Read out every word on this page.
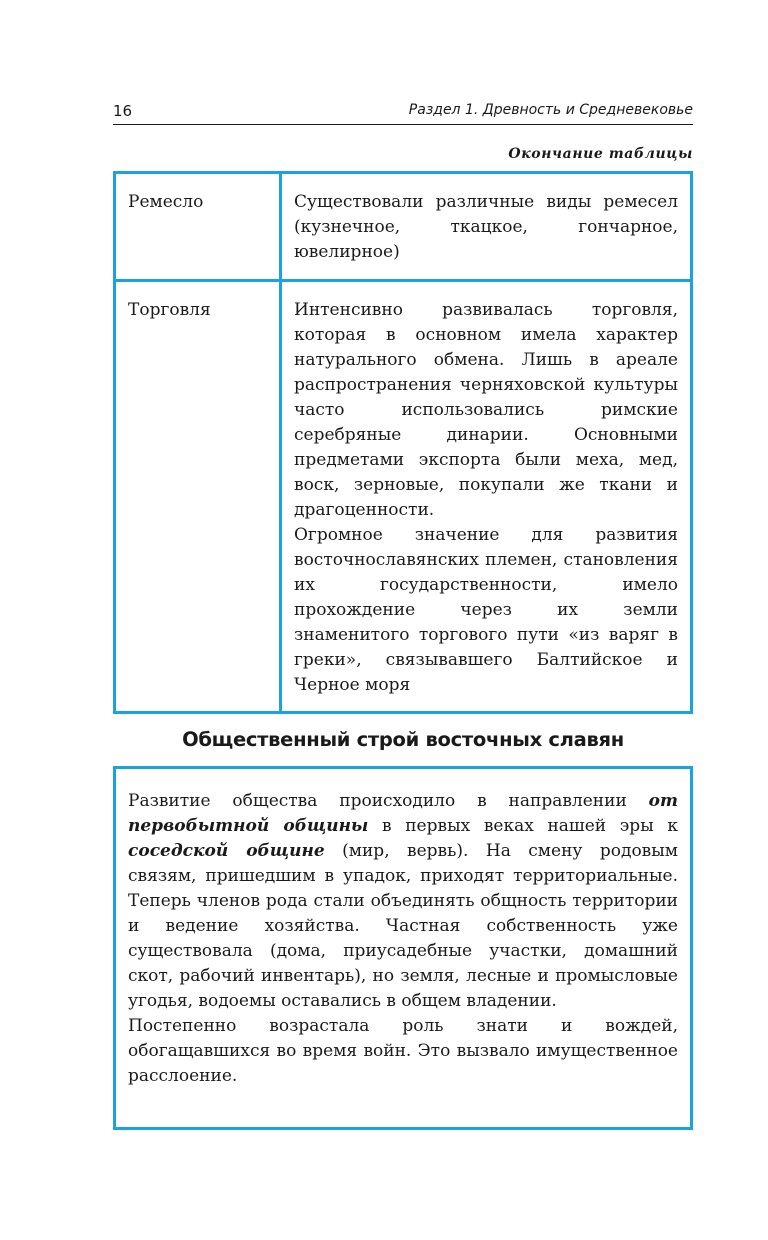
16	Раздел 1. Древность и Средневековье
Окончание таблицы
Ремесло	Существовали различные виды ремесел (кузнечное, ткацкое, гончарное, ювелирное)
Торговля	Интенсивно развивалась торговля, которая в основном имела характер натурального обмена. Лишь в ареале распространения черняховской культуры часто использовались римские серебряные динарии. Основными предметами экспорта были меха, мед, воск, зерновые, покупали же ткани и драгоценности.

Огромное значение для развития восточнославянских племен, становления их государственности, имело прохождение через их земли знаменитого торгового пути «из варяг в греки», связывавшего Балтийское и Черное моря

Общественный строй восточных славян

Развитие общества происходило в направлении от первобытной общины в первых веках нашей эры к соседской общине (мир, вервь). На смену родовым связям, пришедшим в упадок, приходят территориальные. Теперь членов рода стали объединять общность территории и ведение хозяйства. Частная собственность уже существовала (дома, приусадебные участки, домашний скот, рабочий инвентарь), но земля, лесные и промысловые угодья, водоемы оставались в общем владении.

Постепенно возрастала роль знати и вождей, обогащавшихся во время войн. Это вызвало имущественное расслоение.
